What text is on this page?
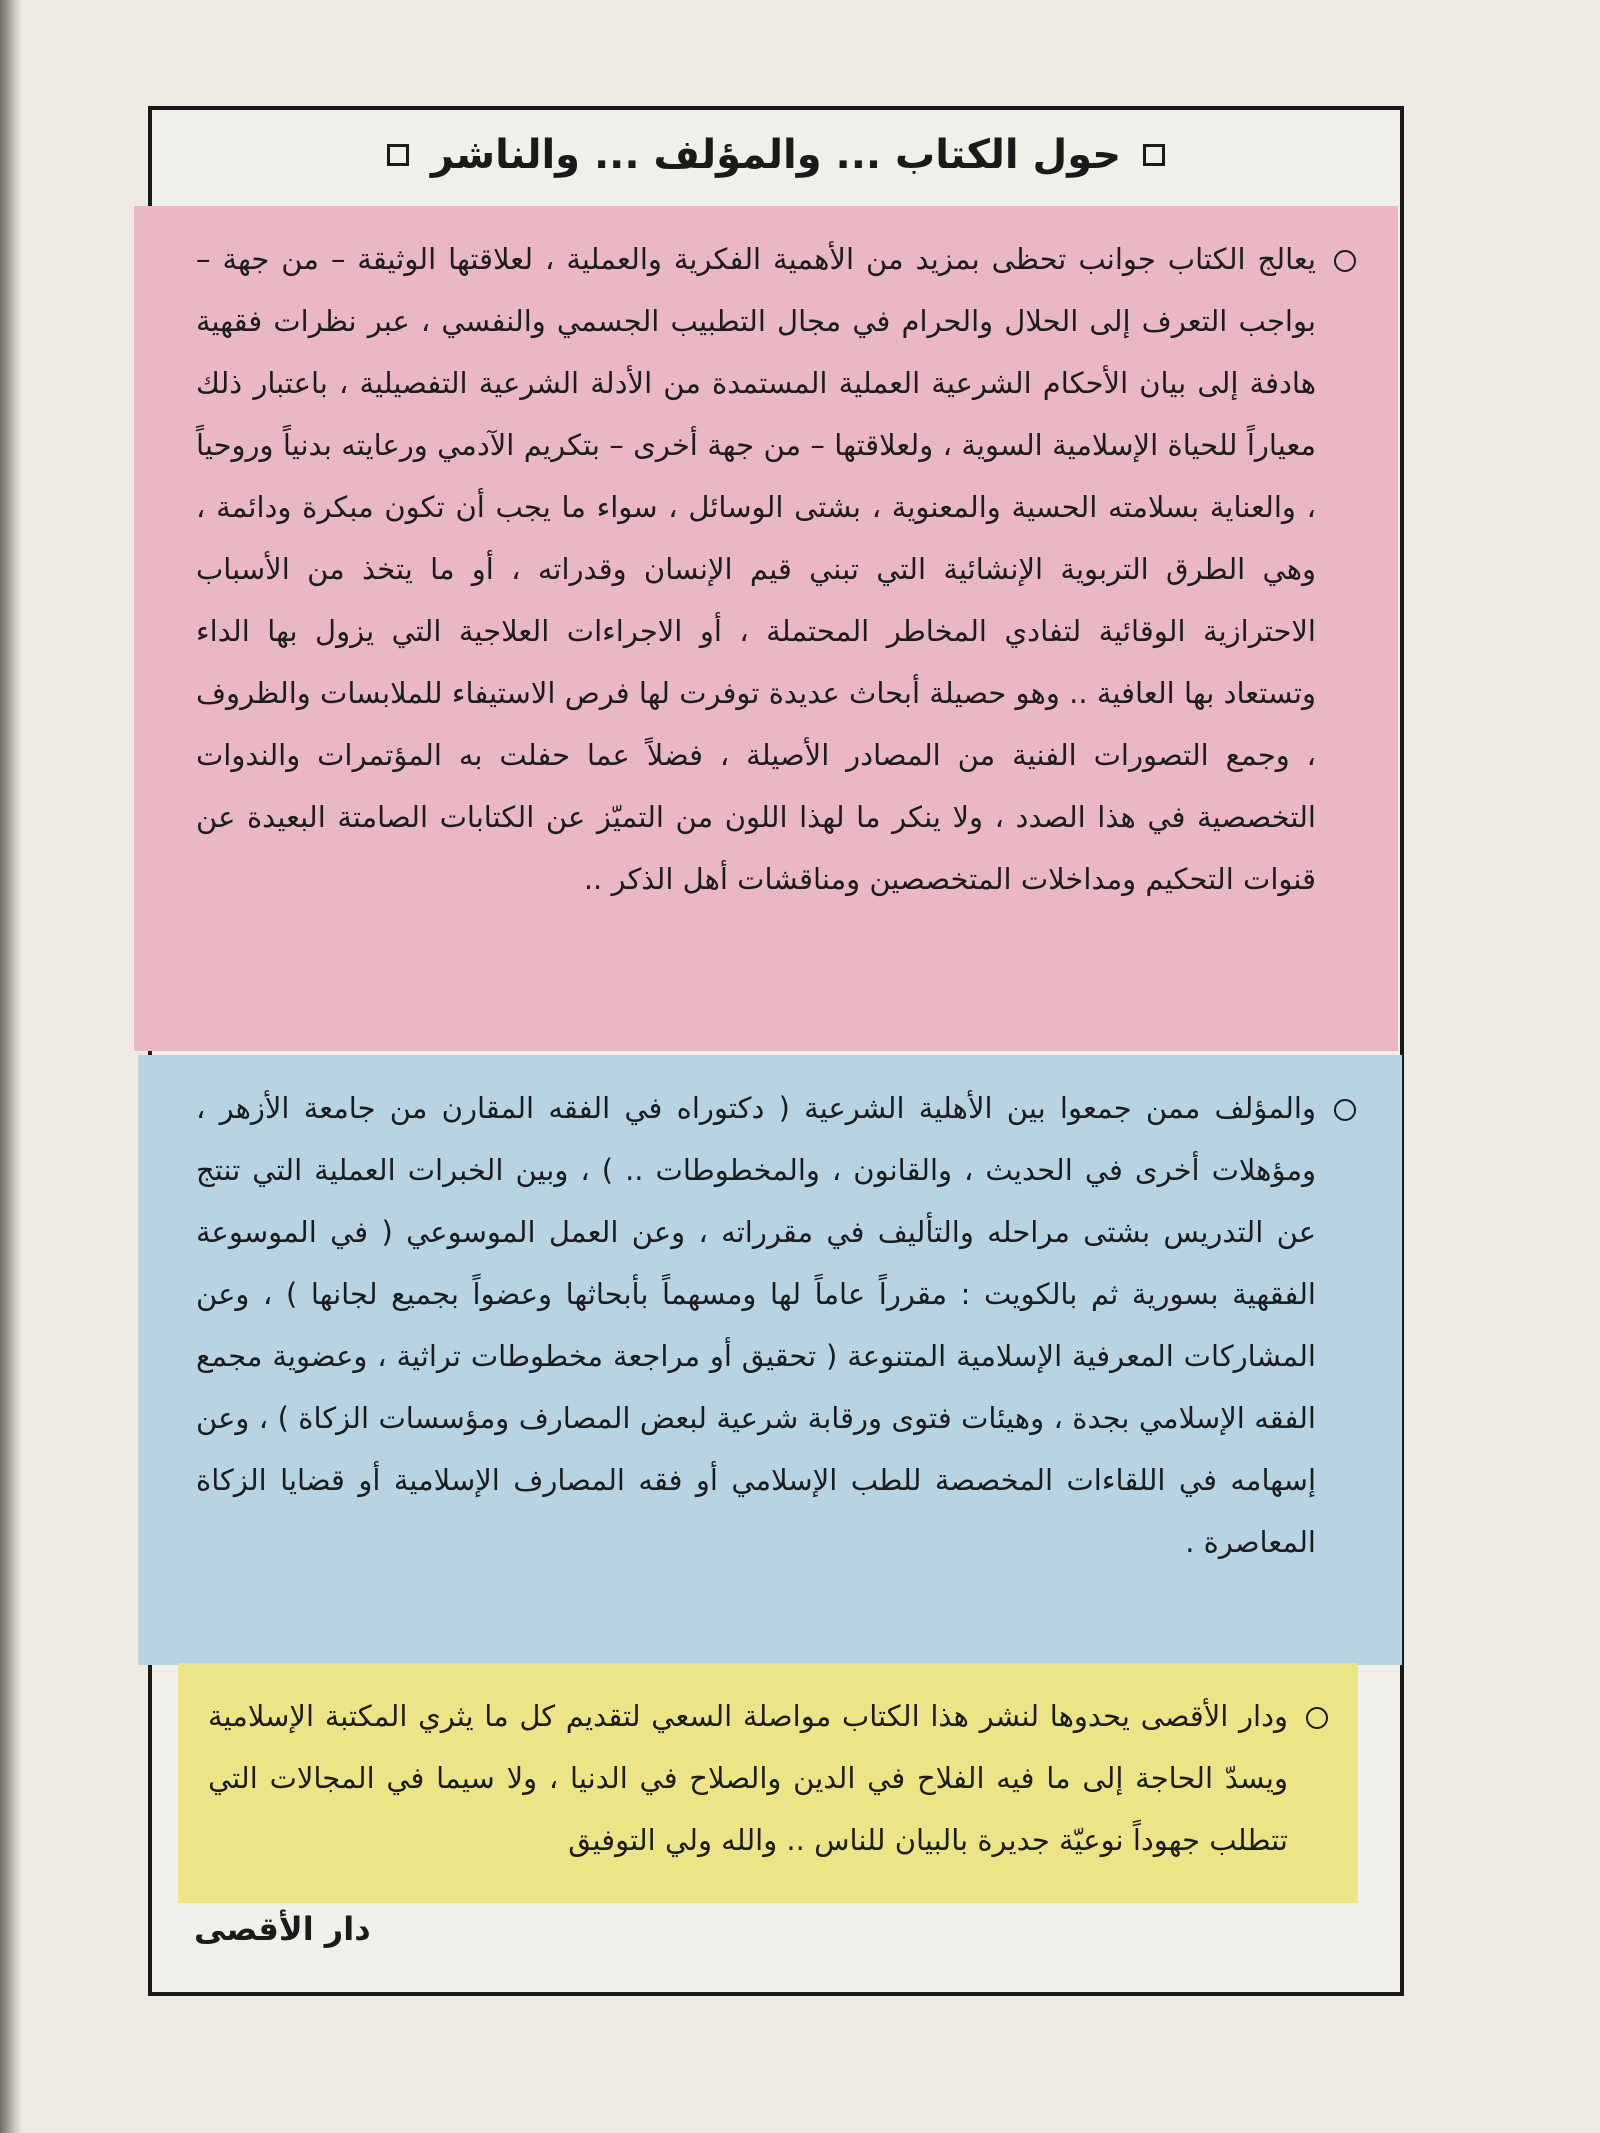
حول الكتاب ... والمؤلف ... والناشر
يعالج الكتاب جوانب تحظى بمزيد من الأهمية الفكرية والعملية ، لعلاقتها الوثيقة – من جهة – بواجب التعرف إلى الحلال والحرام في مجال التطبيب الجسمي والنفسي ، عبر نظرات فقهية هادفة إلى بيان الأحكام الشرعية العملية المستمدة من الأدلة الشرعية التفصيلية ، باعتبار ذلك معياراً للحياة الإسلامية السوية ، ولعلاقتها – من جهة أخرى – بتكريم الآدمي ورعايته بدنياً وروحياً ، والعناية بسلامته الحسية والمعنوية ، بشتى الوسائل ، سواء ما يجب أن تكون مبكرة ودائمة ، وهي الطرق التربوية الإنشائية التي تبني قيم الإنسان وقدراته ، أو ما يتخذ من الأسباب الاحترازية الوقائية لتفادي المخاطر المحتملة ، أو الاجراءات العلاجية التي يزول بها الداء وتستعاد بها العافية .. وهو حصيلة أبحاث عديدة توفرت لها فرص الاستيفاء للملابسات والظروف ، وجمع التصورات الفنية من المصادر الأصيلة ، فضلاً عما حفلت به المؤتمرات والندوات التخصصية في هذا الصدد ، ولا ينكر ما لهذا اللون من التميّز عن الكتابات الصامتة البعيدة عن قنوات التحكيم ومداخلات المتخصصين ومناقشات أهل الذكر ..
والمؤلف ممن جمعوا بين الأهلية الشرعية ( دكتوراه في الفقه المقارن من جامعة الأزهر ، ومؤهلات أخرى في الحديث ، والقانون ، والمخطوطات .. ) ، وبين الخبرات العملية التي تنتج عن التدريس بشتى مراحله والتأليف في مقرراته ، وعن العمل الموسوعي ( في الموسوعة الفقهية بسورية ثم بالكويت : مقرراً عاماً لها ومسهماً بأبحاثها وعضواً بجميع لجانها ) ، وعن المشاركات المعرفية الإسلامية المتنوعة ( تحقيق أو مراجعة مخطوطات تراثية ، وعضوية مجمع الفقه الإسلامي بجدة ، وهيئات فتوى ورقابة شرعية لبعض المصارف ومؤسسات الزكاة ) ، وعن إسهامه في اللقاءات المخصصة للطب الإسلامي أو فقه المصارف الإسلامية أو قضايا الزكاة المعاصرة .
ودار الأقصى يحدوها لنشر هذا الكتاب مواصلة السعي لتقديم كل ما يثري المكتبة الإسلامية ويسدّ الحاجة إلى ما فيه الفلاح في الدين والصلاح في الدنيا ، ولا سيما في المجالات التي تتطلب جهوداً نوعيّة جديرة بالبيان للناس .. والله ولي التوفيق
دار الأقصى
